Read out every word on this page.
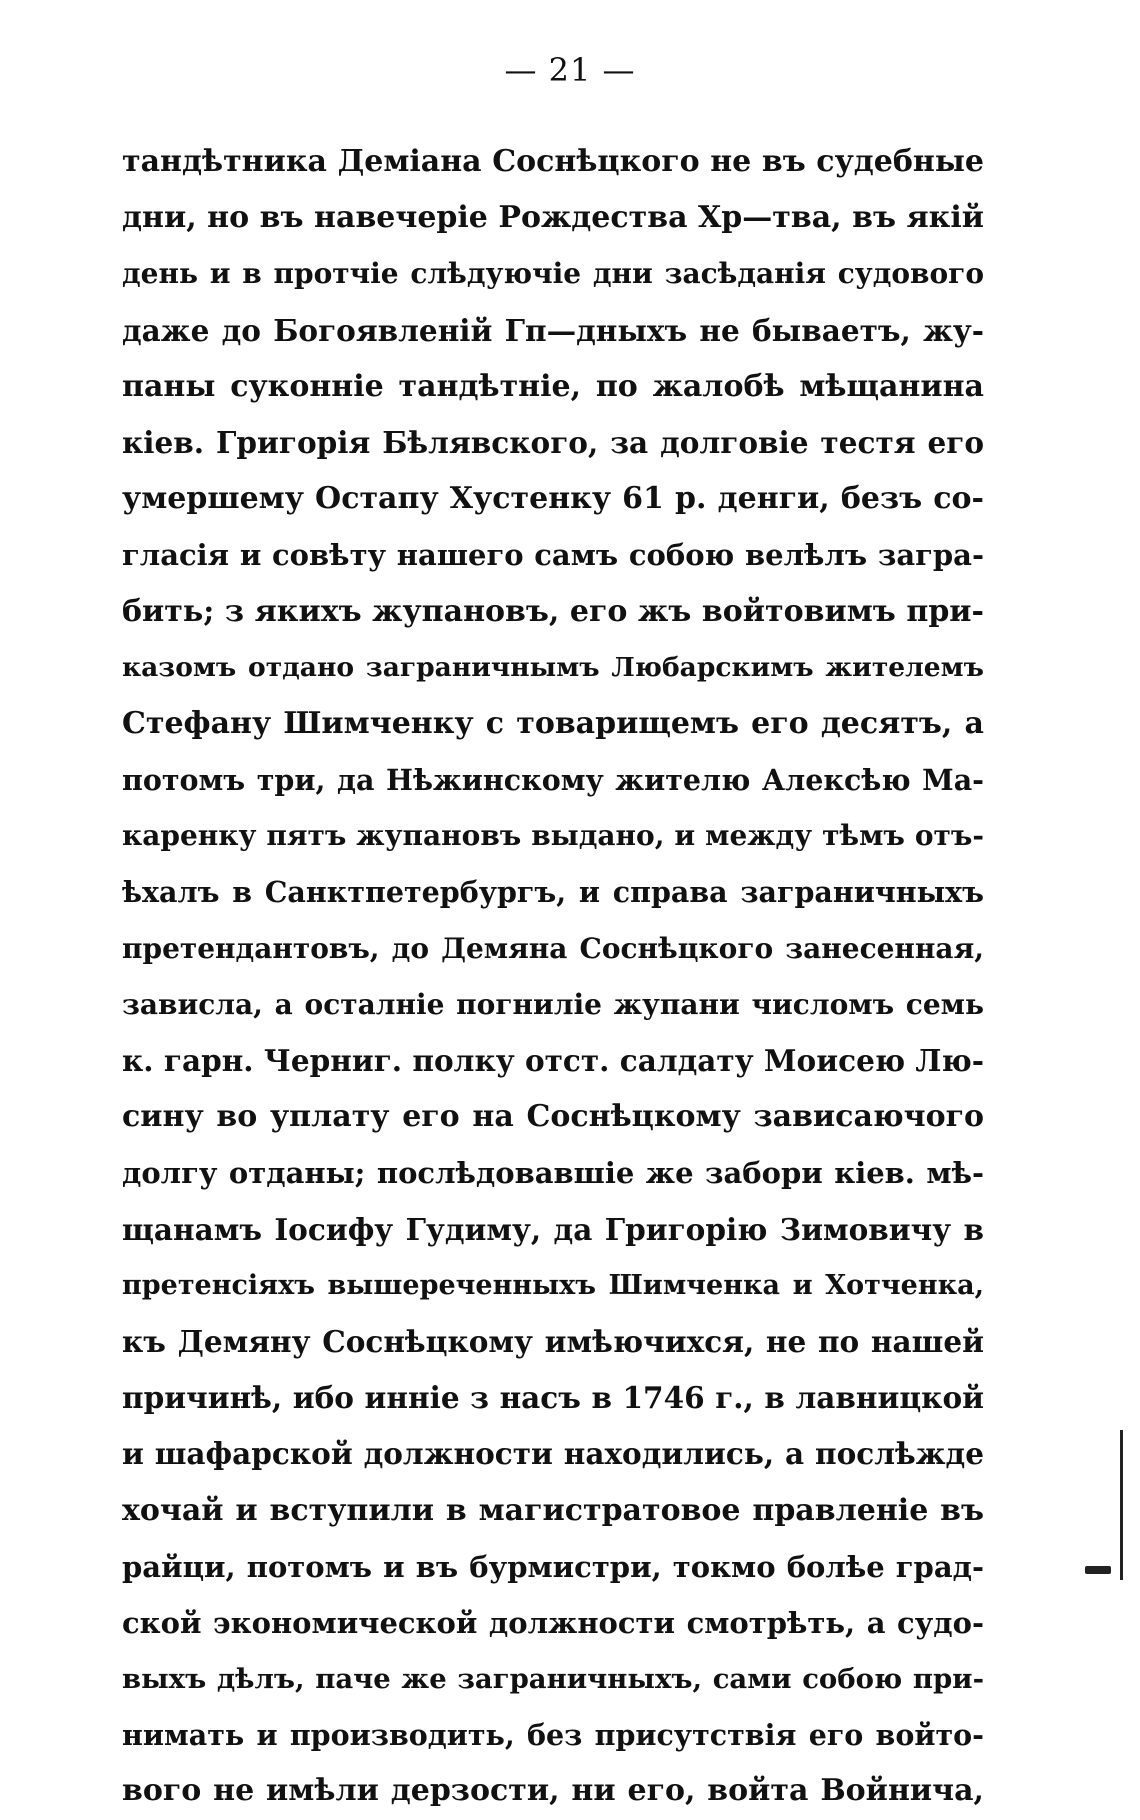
— 21 —
тандѣтника Деміана Соснѣцкого не въ судебные
дни, но въ навечеріе Рождества Хр—тва, въ якій
день и в протчіе слѣдуючіе дни засѣданія судового
даже до Богоявленій Гп—дныхъ не бываетъ, жу-
паны суконніе тандѣтніе, по жалобѣ мѣщанина
кіев. Григорія Бѣлявского, за долговіе тестя его
умершему Остапу Хустенку 61 р. денги, безъ со-
гласія и совѣту нашего самъ собою велѣлъ загра-
бить; з якихъ жупановъ, его жъ войтовимъ при-
казомъ отдано заграничнымъ Любарскимъ жителемъ
Стефану Шимченку с товарищемъ его десятъ, а
потомъ три, да Нѣжинскому жителю Алексѣю Ма-
каренку пятъ жупановъ выдано, и между тѣмъ отъ-
ѣхалъ в Санктпетербургъ, и справа заграничныхъ
претендантовъ, до Демяна Соснѣцкого занесенная,
зависла, а осталніе погниліе жупани числомъ семь
к. гарн. Черниг. полку отст. салдату Моисею Лю-
сину во уплату его на Соснѣцкому зависаючого
долгу отданы; послѣдовавшіе же забори кіев. мѣ-
щанамъ Іосифу Гудиму, да Григорію Зимовичу в
претенсіяхъ вышереченныхъ Шимченка и Хотченка,
къ Демяну Соснѣцкому имѣючихся, не по нашей
причинѣ, ибо инніе з насъ в 1746 г., в лавницкой
и шафарской должности находились, а послѣжде
хочай и вступили в магистратовое правленіе въ
райци, потомъ и въ бурмистри, токмо болѣе град-
ской экономической должности смотрѣть, а судо-
выхъ дѣлъ, паче же заграничныхъ, сами собою при-
нимать и производить, без присутствія его войто-
вого не имѣли дерзости, ни его, войта Войнича,
